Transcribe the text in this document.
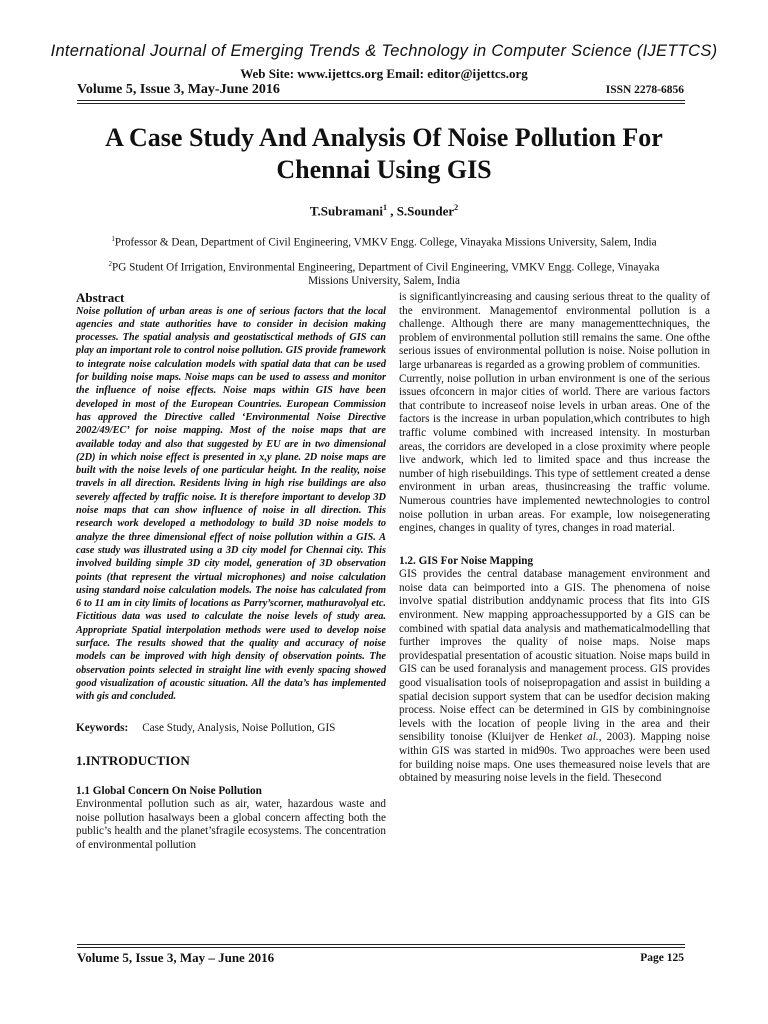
International Journal of Emerging Trends & Technology in Computer Science (IJETTCS)
Web Site: www.ijettcs.org Email: editor@ijettcs.org
Volume 5, Issue 3, May-June 2016	ISSN 2278-6856
A Case Study And Analysis Of Noise Pollution For Chennai Using GIS
T.Subramani$^1$ , S.Sounder$^2$
$^1$Professor & Dean, Department of Civil Engineering, VMKV Engg. College, Vinayaka Missions University, Salem, India
$^2$PG Student Of Irrigation, Environmental Engineering, Department of Civil Engineering, VMKV Engg. College, Vinayaka Missions University, Salem, India

Abstract

Noise pollution of urban areas is one of serious factors that the local agencies and state authorities have to consider in decision making processes. The spatial analysis and geostatisctical methods of GIS can play an important role to control noise pollution. GIS provide framework to integrate noise calculation models with spatial data that can be used for building noise maps. Noise maps can be used to assess and monitor the influence of noise effects. Noise maps within GIS have been developed in most of the European Countries. European Commission has approved the Directive called ‘Environmental Noise Directive 2002/49/EC’ for noise mapping. Most of the noise maps that are available today and also that suggested by EU are in two dimensional (2D) in which noise effect is presented in x,y plane. 2D noise maps are built with the noise levels of one particular height. In the reality, noise travels in all direction. Residents living in high rise buildings are also severely affected by traffic noise. It is therefore important to develop 3D noise maps that can show influence of noise in all direction. This research work developed a methodology to build 3D noise models to analyze the three dimensional effect of noise pollution within a GIS. A case study was illustrated using a 3D city model for Chennai city. This involved building simple 3D city model, generation of 3D observation points (that represent the virtual microphones) and noise calculation using standard noise calculation models. The noise has calculated from 6 to 11 am in city limits of locations as Parry’scorner, mathuravolyal etc. Fictitious data was used to calculate the noise levels of study area. Appropriate Spatial interpolation methods were used to develop noise surface. The results showed that the quality and accuracy of noise models can be improved with high density of observation points. The observation points selected in straight line with evenly spacing showed good visualization of acoustic situation. All the data’s has implemented with gis and concluded.

Keywords: Case Study, Analysis, Noise Pollution, GIS

1.INTRODUCTION

1.1 Global Concern On Noise Pollution

Environmental pollution such as air, water, hazardous waste and noise pollution hasalways been a global concern affecting both the public’s health and the planet’sfragile ecosystems. The concentration of environmental pollution

is significantlyincreasing and causing serious threat to the quality of the environment. Managementof environmental pollution is a challenge. Although there are many managementtechniques, the problem of environmental pollution still remains the same. One ofthe serious issues of environmental pollution is noise. Noise pollution in large urbanareas is regarded as a growing problem of communities.

Currently, noise pollution in urban environment is one of the serious issues ofconcern in major cities of world. There are various factors that contribute to increaseof noise levels in urban areas. One of the factors is the increase in urban population,which contributes to high traffic volume combined with increased intensity. In mosturban areas, the corridors are developed in a close proximity where people live andwork, which led to limited space and thus increase the number of high risebuildings. This type of settlement created a dense environment in urban areas, thusincreasing the traffic volume. Numerous countries have implemented newtechnologies to control noise pollution in urban areas. For example, low noisegenerating engines, changes in quality of tyres, changes in road material.

1.2. GIS For Noise Mapping

GIS provides the central database management environment and noise data can beimported into a GIS. The phenomena of noise involve spatial distribution anddynamic process that fits into GIS environment. New mapping approachessupported by a GIS can be combined with spatial data analysis and mathematicalmodelling that further improves the quality of noise maps. Noise maps providespatial presentation of acoustic situation. Noise maps build in GIS can be used foranalysis and management process. GIS provides good visualisation tools of noisepropagation and assist in building a spatial decision support system that can be usedfor decision making process. Noise effect can be determined in GIS by combiningnoise levels with the location of people living in the area and their sensibility tonoise (Kluijver de Henket al., 2003). Mapping noise within GIS was started in mid90s. Two approaches were been used for building noise maps. One uses themeasured noise levels that are obtained by measuring noise levels in the field. Thesecond

Volume 5, Issue 3, May – June 2016	Page 125
